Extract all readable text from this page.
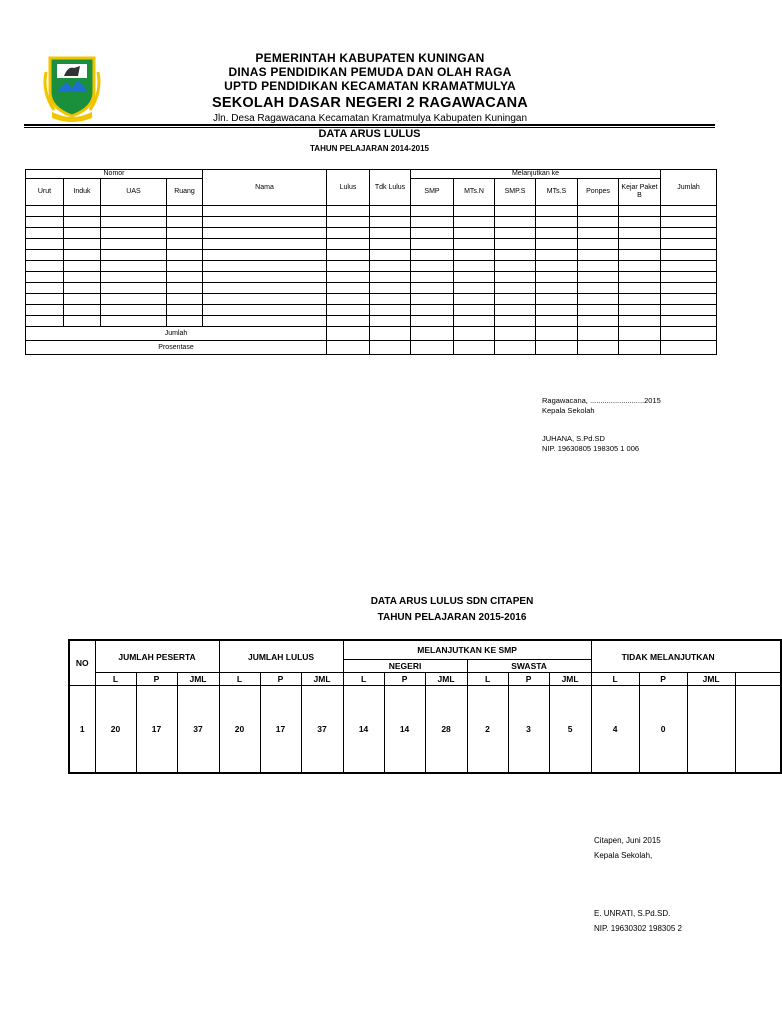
PEMERINTAH KABUPATEN KUNINGAN
DINAS PENDIDIKAN PEMUDA DAN OLAH RAGA
UPTD PENDIDIKAN KECAMATAN KRAMATMULYA
SEKOLAH DASAR NEGERI 2 RAGAWACANA
Jln. Desa Ragawacana Kecamatan Kramatmulya Kabupaten Kuningan
DATA ARUS LULUS
TAHUN PELAJARAN 2014-2015
Nomor				Nama	Lulus	Tdk Lulus	Melanjutkan ke						Jumlah
Urut	Induk	UAS	Ruang				SMP	MTs.N	SMP.S	MTs.S	Ponpes	Kejar Paket B	

Jumlah													
Prosentase													
Ragawacana, ..........................2015
Kepala Sekolah
JUHANA, S.Pd.SD
NIP. 19630805 198305 1 006
DATA ARUS LULUS SDN CITAPEN
TAHUN PELAJARAN 2015-2016
NO	JUMLAH PESERTA			JUMLAH LULUS			MELANJUTKAN KE SMP						TIDAK MELANJUTKAN			
							NEGERI			SWASTA						
	L	P	JML	L	P	JML	L	P	JML	L	P	JML	L	P	JML	
1	20	17	37	20	17	37	14	14	28	2	3	5	4	0		
Citapen, Juni 2015
Kepala Sekolah,
E. UNRATI, S.Pd.SD.
NIP. 19630302 198305 2
